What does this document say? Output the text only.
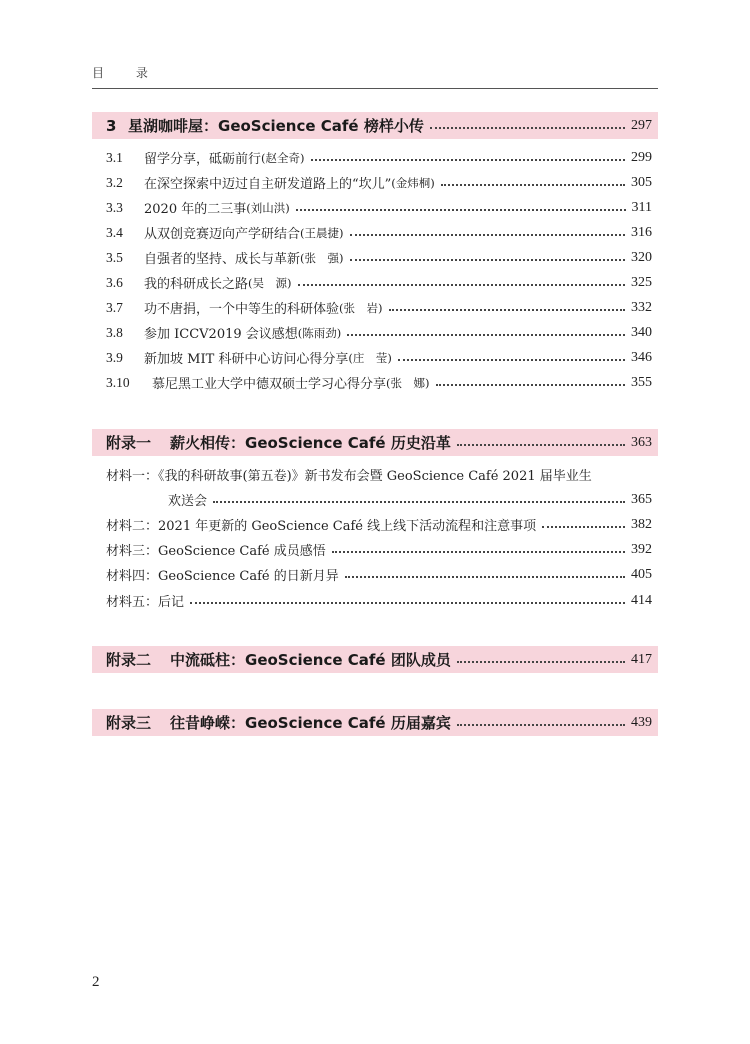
目 录
3 星湖咖啡屋：GeoScience Café 榜样小传	297
3.1	留学分享，砥砺前行 (赵全奇)	299
3.2	在深空探索中迈过自主研发道路上的“坎儿” (金炜桐)	305
3.3	2020 年的二三事 (刘山洪)	311
3.4	从双创竞赛迈向产学研结合 (王晨捷)	316
3.5	自强者的坚持、成长与革新 (张　强)	320
3.6	我的科研成长之路 (吴　源)	325
3.7	功不唐捐，一个中等生的科研体验 (张　岩)	332
3.8	参加 ICCV2019 会议感想 (陈雨劲)	340
3.9	新加坡 MIT 科研中心访问心得分享 (庄　莹)	346
3.10	慕尼黑工业大学中德双硕士学习心得分享 (张　娜)	355
附录一	薪火相传：GeoScience Café 历史沿革	363
材料一：《我的科研故事(第五卷)》新书发布会暨 GeoScience Café 2021 届毕业生
欢送会	365
材料二：2021 年更新的 GeoScience Café 线上线下活动流程和注意事项	382
材料三：GeoScience Café 成员感悟	392
材料四：GeoScience Café 的日新月异	405
材料五：后记	414
附录二	中流砥柱：GeoScience Café 团队成员	417
附录三	往昔峥嵘：GeoScience Café 历届嘉宾	439
2
